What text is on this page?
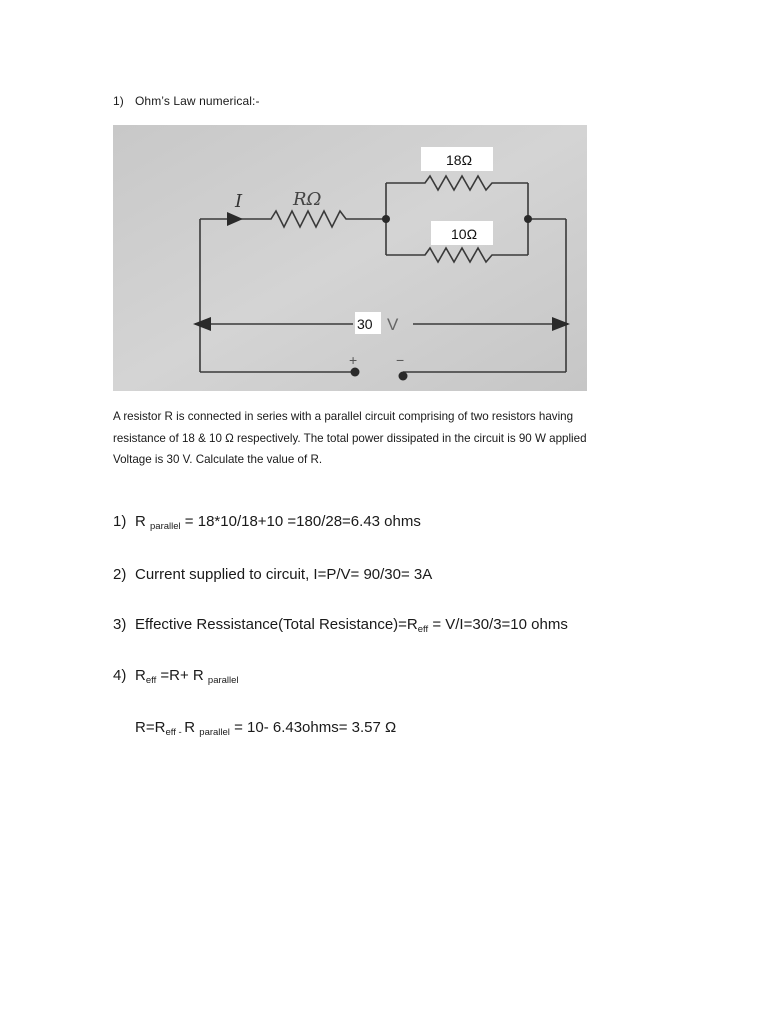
1) Ohm’s Law numerical:-
I	RΩ
18Ω
10Ω
30 V
+	−

A resistor R is connected in series with a parallel circuit comprising of two resistors having

resistance of 18 & 10 Ω respectively. The total power dissipated in the circuit is 90 W applied

Voltage is 30 V. Calculate the value of R.

1) R $_{parallel}$ = 18*10/18+10 =180/28=6.43 ohms
2) Current supplied to circuit, I=P/V= 90/30= 3A
3) Effective Ressistance(Total $Resistance)=R_{eff} = V/I=30/3=10$ ohms
4) $R_{eff} =R+ R$ $_{parallel}$
$R=R_{eff -}$ R $_{parallel}$ = 10- 6.43ohms= 3.57 Ω
